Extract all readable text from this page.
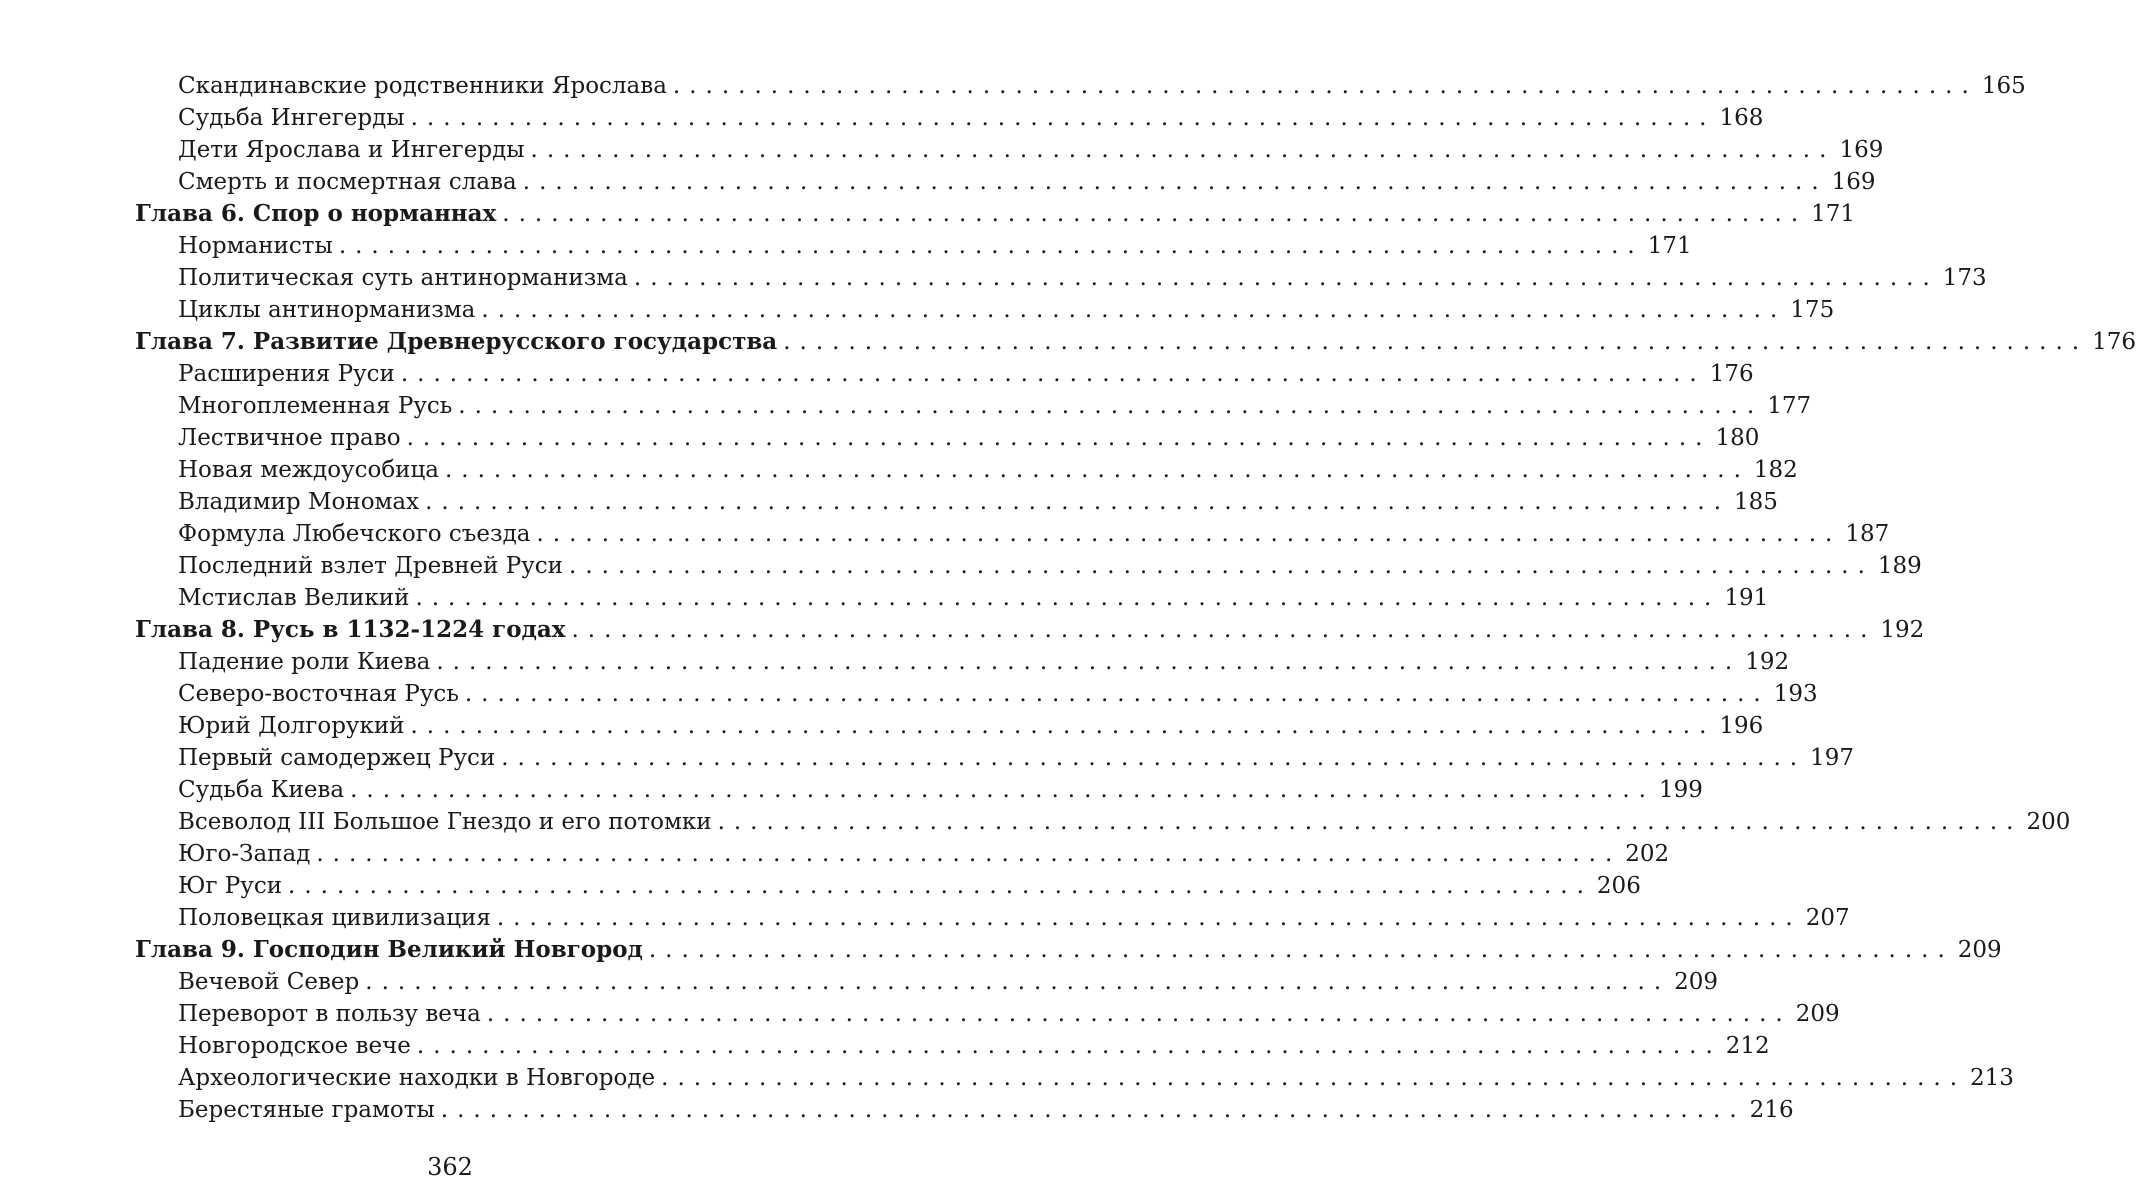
Скандинавские родственники Ярослава ................................................................................ 165
Судьба Ингегерды ................................................................................ 168
Дети Ярослава и Ингегерды ................................................................................ 169
Смерть и посмертная слава ................................................................................ 169
Глава 6. Спор о норманнах ................................................................................ 171
Норманисты ................................................................................ 171
Политическая суть антинорманизма ................................................................................ 173
Циклы антинорманизма ................................................................................ 175
Глава 7. Развитие Древнерусского государства ................................................................................ 176
Расширения Руси ................................................................................ 176
Многоплеменная Русь ................................................................................ 177
Лествичное право ................................................................................ 180
Новая междоусобица ................................................................................ 182
Владимир Мономах ................................................................................ 185
Формула Любечского съезда ................................................................................ 187
Последний взлет Древней Руси ................................................................................ 189
Мстислав Великий ................................................................................ 191
Глава 8. Русь в 1132-1224 годах ................................................................................ 192
Падение роли Киева ................................................................................ 192
Северо-восточная Русь ................................................................................ 193
Юрий Долгорукий ................................................................................ 196
Первый самодержец Руси ................................................................................ 197
Судьба Киева ................................................................................ 199
Всеволод III Большое Гнездо и его потомки ................................................................................ 200
Юго-Запад ................................................................................ 202
Юг Руси ................................................................................ 206
Половецкая цивилизация ................................................................................ 207
Глава 9. Господин Великий Новгород ................................................................................ 209
Вечевой Север ................................................................................ 209
Переворот в пользу веча ................................................................................ 209
Новгородское вече ................................................................................ 212
Археологические находки в Новгороде ................................................................................ 213
Берестяные грамоты ................................................................................ 216
362
